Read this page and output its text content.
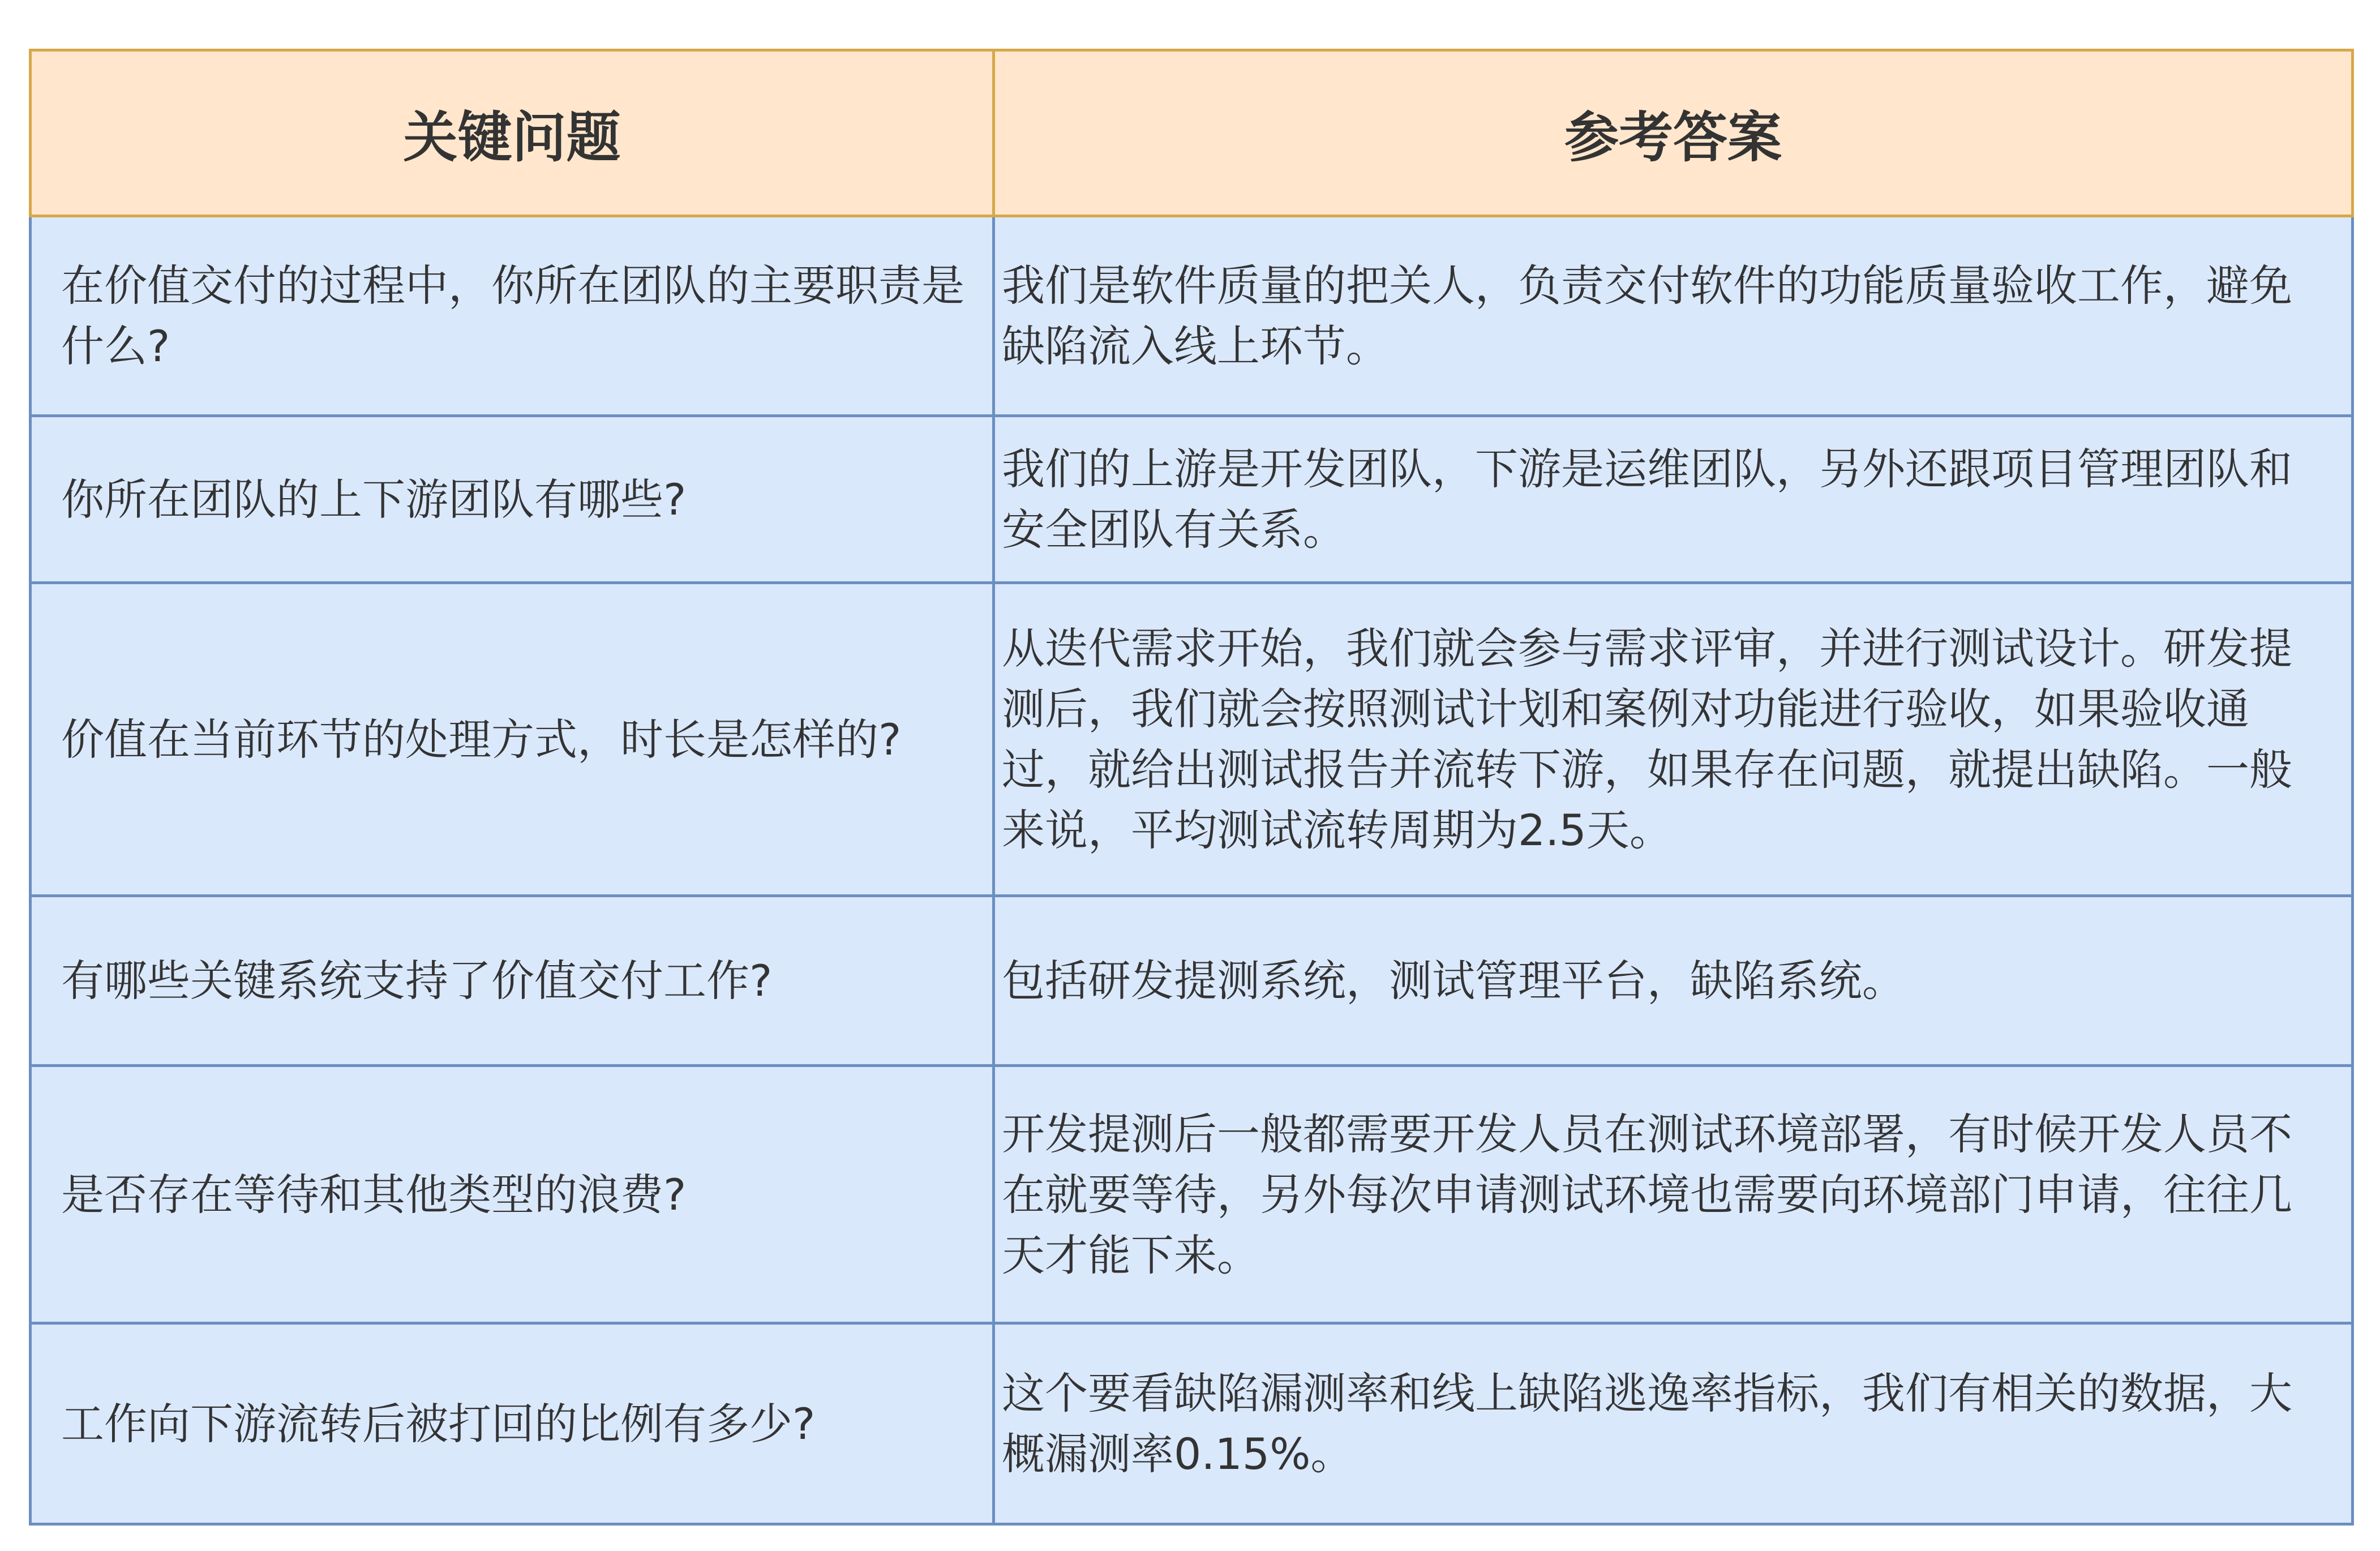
关键问题	参考答案
在价值交付的过程中，你所在团队的主要职责是什么?	我们是软件质量的把关人，负责交付软件的功能质量验收工作，避免缺陷流入线上环节。
你所在团队的上下游团队有哪些?	我们的上游是开发团队，下游是运维团队，另外还跟项目管理团队和安全团队有关系。
价值在当前环节的处理方式，时长是怎样的?	从迭代需求开始，我们就会参与需求评审，并进行测试设计。研发提测后，我们就会按照测试计划和案例对功能进行验收，如果验收通过，就给出测试报告并流转下游，如果存在问题，就提出缺陷。一般来说，平均测试流转周期为2.5天。
有哪些关键系统支持了价值交付工作?	包括研发提测系统，测试管理平台，缺陷系统。
是否存在等待和其他类型的浪费?	开发提测后一般都需要开发人员在测试环境部署，有时候开发人员不在就要等待，另外每次申请测试环境也需要向环境部门申请，往往几天才能下来。
工作向下游流转后被打回的比例有多少?	这个要看缺陷漏测率和线上缺陷逃逸率指标，我们有相关的数据，大概漏测率0.15%。
